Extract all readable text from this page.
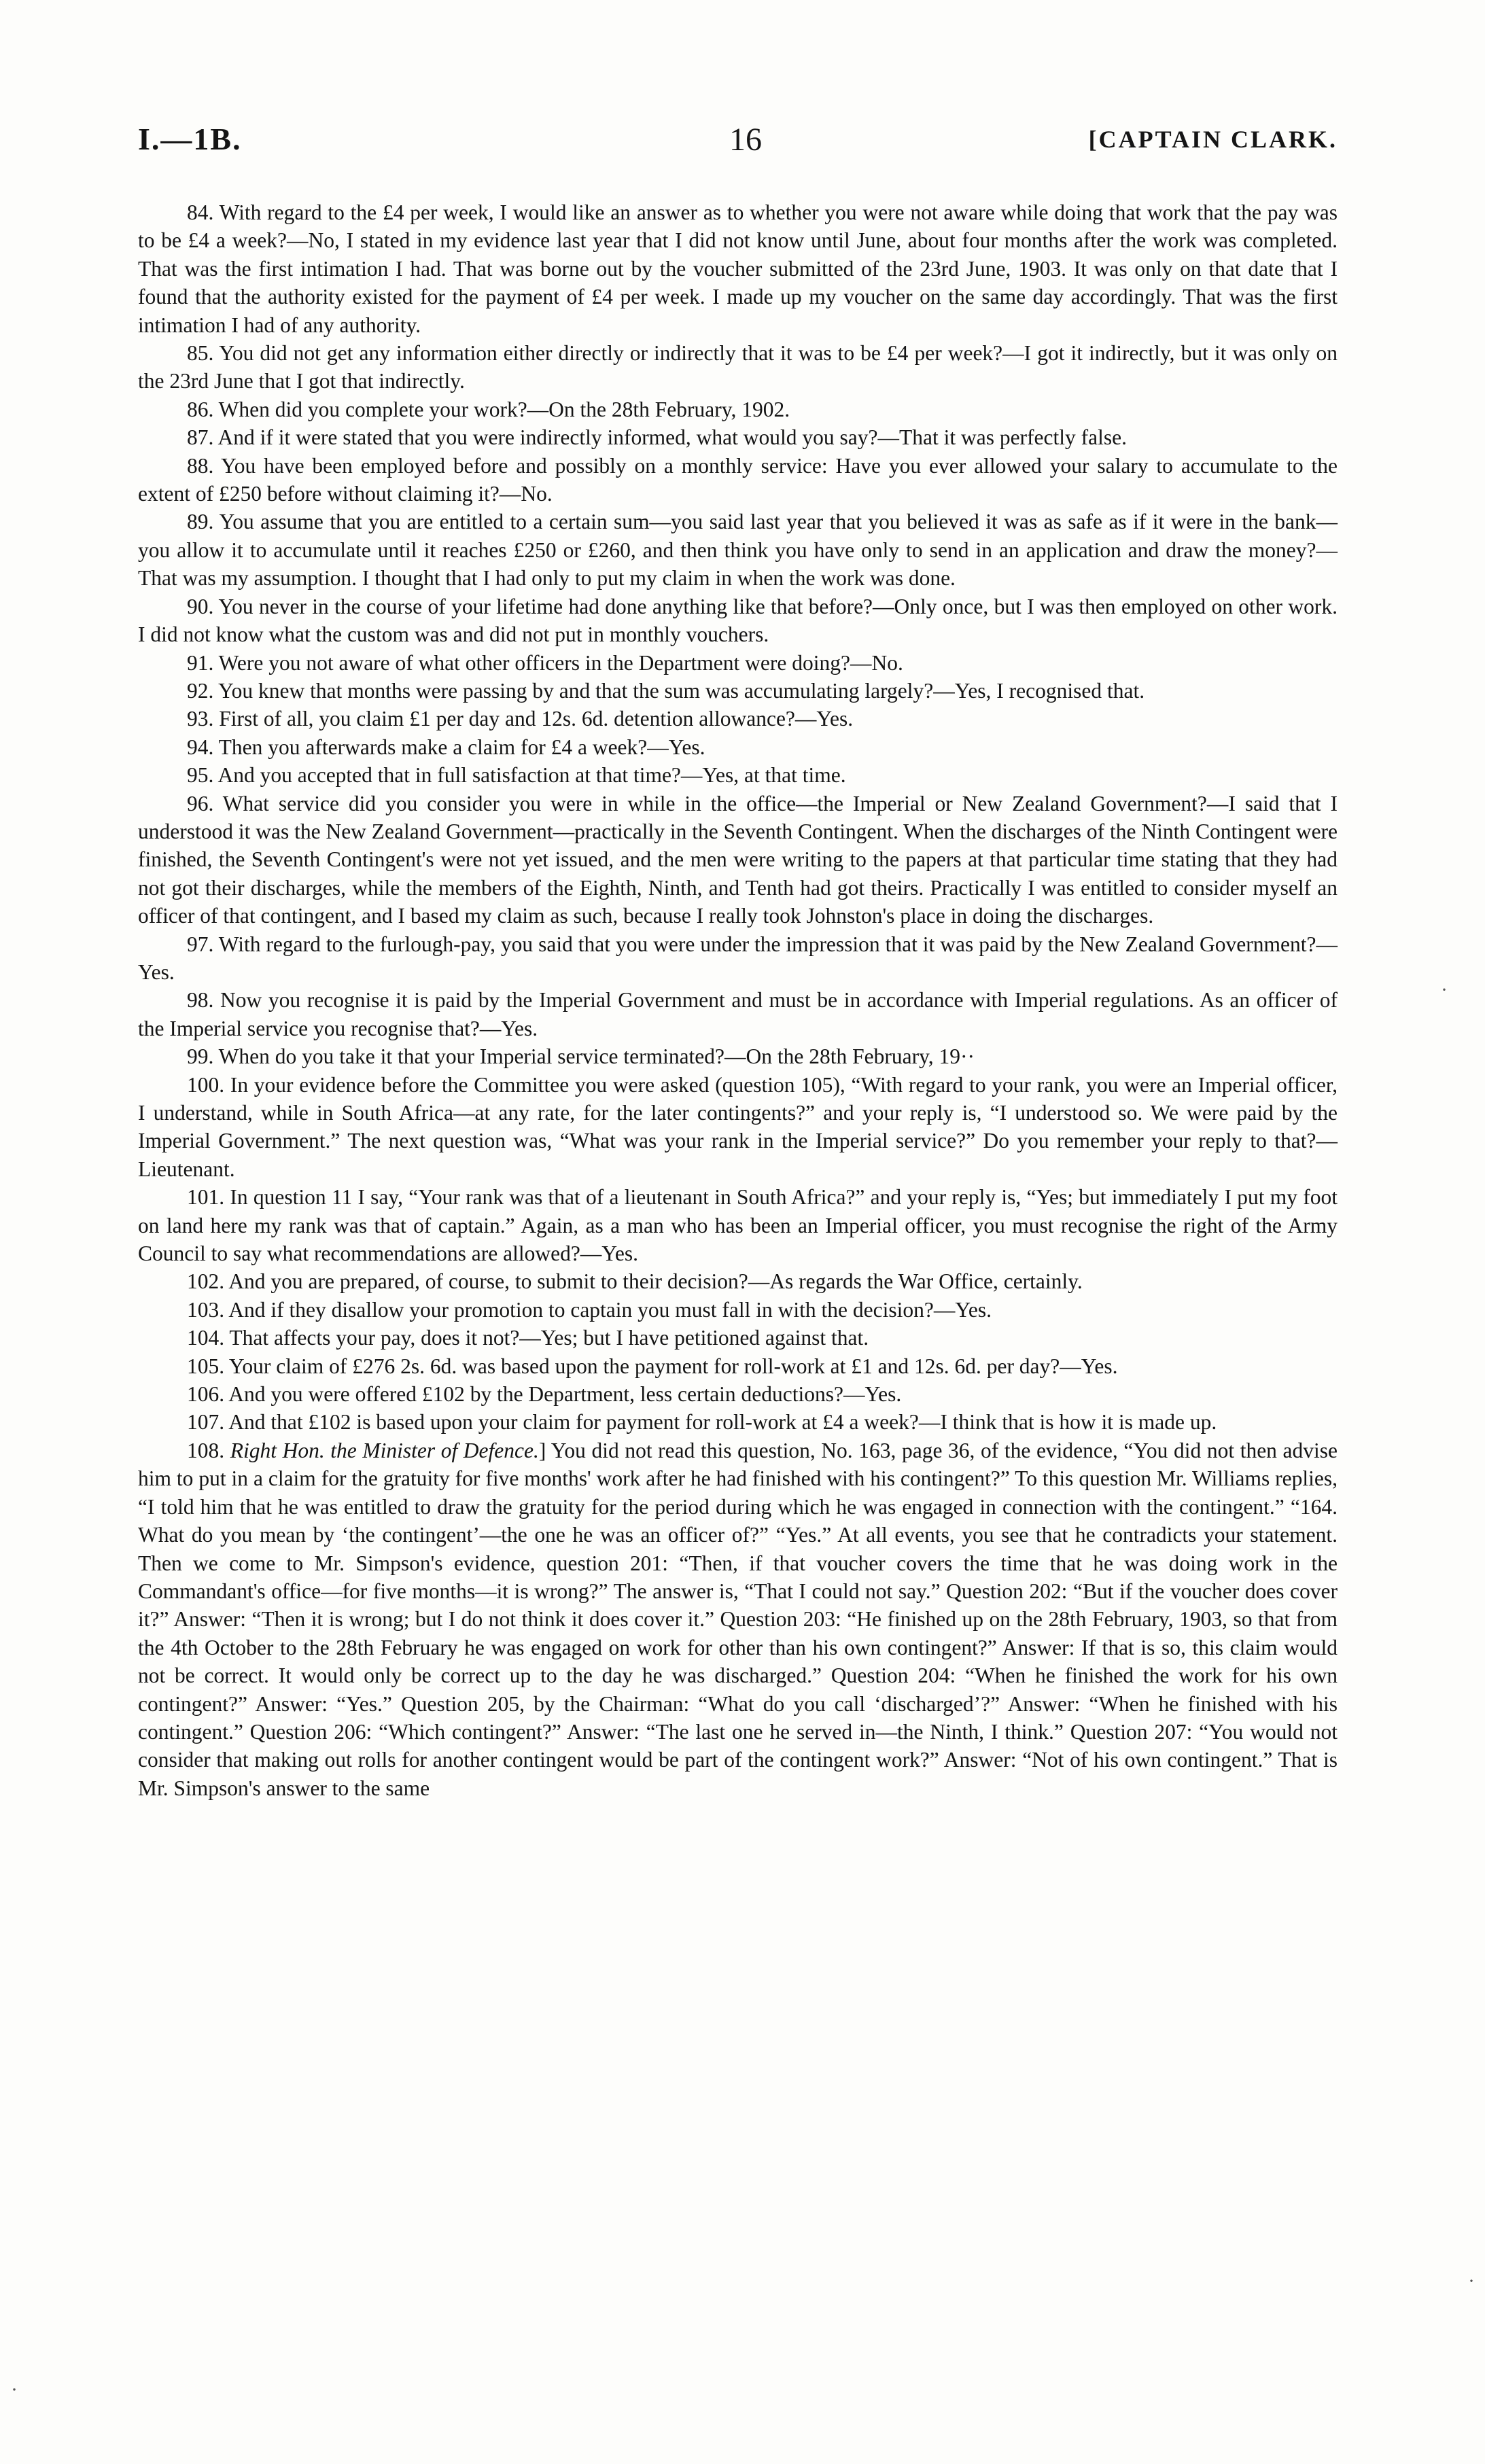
I.—1B.	16	[CAPTAIN CLARK.

84. With regard to the £4 per week, I would like an answer as to whether you were not aware while doing that work that the pay was to be £4 a week?—No, I stated in my evidence last year that I did not know until June, about four months after the work was completed. That was the first intimation I had. That was borne out by the voucher submitted of the 23rd June, 1903. It was only on that date that I found that the authority existed for the payment of £4 per week. I made up my voucher on the same day accordingly. That was the first intimation I had of any authority.

85. You did not get any information either directly or indirectly that it was to be £4 per week?—I got it indirectly, but it was only on the 23rd June that I got that indirectly.

86. When did you complete your work?—On the 28th February, 1902.

87. And if it were stated that you were indirectly informed, what would you say?—That it was perfectly false.

88. You have been employed before and possibly on a monthly service: Have you ever allowed your salary to accumulate to the extent of £250 before without claiming it?—No.

89. You assume that you are entitled to a certain sum—you said last year that you believed it was as safe as if it were in the bank—you allow it to accumulate until it reaches £250 or £260, and then think you have only to send in an application and draw the money?—That was my assumption. I thought that I had only to put my claim in when the work was done.

90. You never in the course of your lifetime had done anything like that before?—Only once, but I was then employed on other work. I did not know what the custom was and did not put in monthly vouchers.

91. Were you not aware of what other officers in the Department were doing?—No.

92. You knew that months were passing by and that the sum was accumulating largely?—Yes, I recognised that.

93. First of all, you claim £1 per day and 12s. 6d. detention allowance?—Yes.

94. Then you afterwards make a claim for £4 a week?—Yes.

95. And you accepted that in full satisfaction at that time?—Yes, at that time.

96. What service did you consider you were in while in the office—the Imperial or New Zealand Government?—I said that I understood it was the New Zealand Government—practically in the Seventh Contingent. When the discharges of the Ninth Contingent were finished, the Seventh Contingent's were not yet issued, and the men were writing to the papers at that particular time stating that they had not got their discharges, while the members of the Eighth, Ninth, and Tenth had got theirs. Practically I was entitled to consider myself an officer of that contingent, and I based my claim as such, because I really took Johnston's place in doing the discharges.

97. With regard to the furlough-pay, you said that you were under the impression that it was paid by the New Zealand Government?—Yes.

98. Now you recognise it is paid by the Imperial Government and must be in accordance with Imperial regulations. As an officer of the Imperial service you recognise that?—Yes.

99. When do you take it that your Imperial service terminated?—On the 28th February, 19··

100. In your evidence before the Committee you were asked (question 105), “With regard to your rank, you were an Imperial officer, I understand, while in South Africa—at any rate, for the later contingents?” and your reply is, “I understood so. We were paid by the Imperial Government.” The next question was, “What was your rank in the Imperial service?” Do you remember your reply to that?—Lieutenant.

101. In question 11 I say, “Your rank was that of a lieutenant in South Africa?” and your reply is, “Yes; but immediately I put my foot on land here my rank was that of captain.” Again, as a man who has been an Imperial officer, you must recognise the right of the Army Council to say what recommendations are allowed?—Yes.

102. And you are prepared, of course, to submit to their decision?—As regards the War Office, certainly.

103. And if they disallow your promotion to captain you must fall in with the decision?—Yes.

104. That affects your pay, does it not?—Yes; but I have petitioned against that.

105. Your claim of £276 2s. 6d. was based upon the payment for roll-work at £1 and 12s. 6d. per day?—Yes.

106. And you were offered £102 by the Department, less certain deductions?—Yes.

107. And that £102 is based upon your claim for payment for roll-work at £4 a week?—I think that is how it is made up.

108. Right Hon. the Minister of Defence.] You did not read this question, No. 163, page 36, of the evidence, “You did not then advise him to put in a claim for the gratuity for five months' work after he had finished with his contingent?” To this question Mr. Williams replies, “I told him that he was entitled to draw the gratuity for the period during which he was engaged in connection with the contingent.” “164. What do you mean by ‘the contingent’—the one he was an officer of?” “Yes.” At all events, you see that he contradicts your statement. Then we come to Mr. Simpson's evidence, question 201: “Then, if that voucher covers the time that he was doing work in the Commandant's office—for five months—it is wrong?” The answer is, “That I could not say.” Question 202: “But if the voucher does cover it?” Answer: “Then it is wrong; but I do not think it does cover it.” Question 203: “He finished up on the 28th February, 1903, so that from the 4th October to the 28th February he was engaged on work for other than his own contingent?” Answer: If that is so, this claim would not be correct. It would only be correct up to the day he was discharged.” Question 204: “When he finished the work for his own contingent?” Answer: “Yes.” Question 205, by the Chairman: “What do you call ‘discharged’?” Answer: “When he finished with his contingent.” Question 206: “Which contingent?” Answer: “The last one he served in—the Ninth, I think.” Question 207: “You would not consider that making out rolls for another contingent would be part of the contingent work?” Answer: “Not of his own contingent.” That is Mr. Simpson's answer to the same

·
·
·
